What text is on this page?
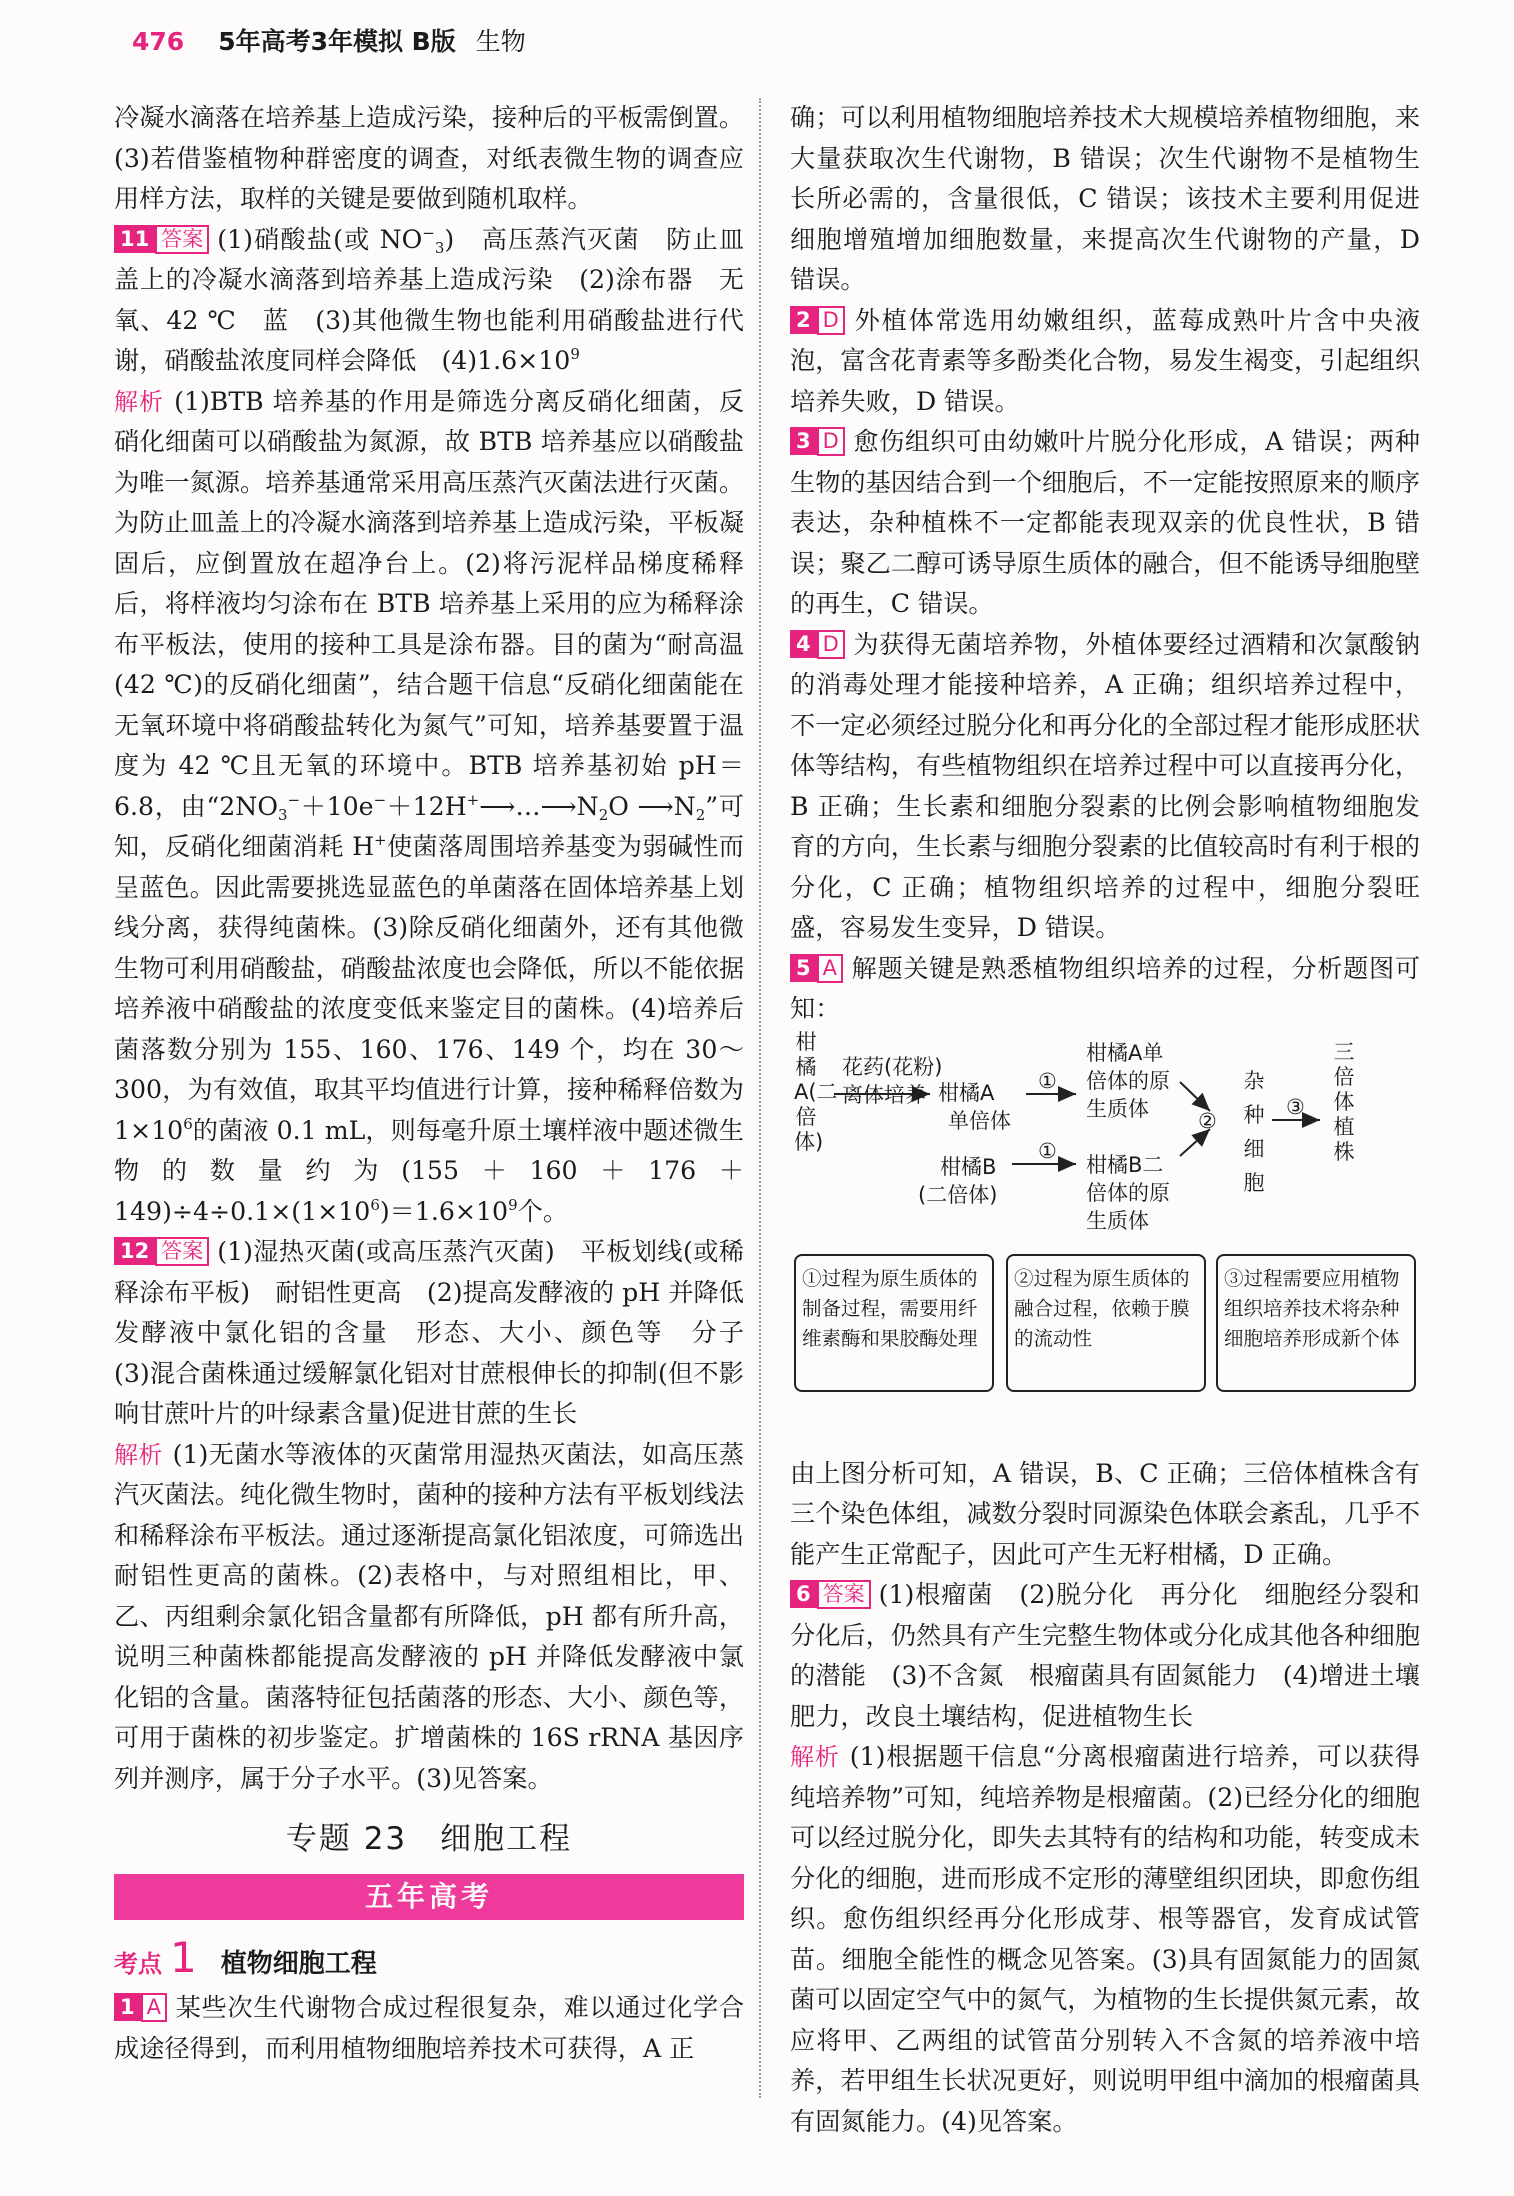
476 5年高考3年模拟 B版 生物

冷凝水滴落在培养基上造成污染，接种后的平板需倒置。(3)若借鉴植物种群密度的调查，对纸表微生物的调查应用样方法，取样的关键是要做到随机取样。

11 答案 (1)硝酸盐(或 $NO^-_3$)　高压蒸汽灭菌　防止皿盖上的冷凝水滴落到培养基上造成污染　(2)涂布器　无氧、42 ℃　蓝　(3)其他微生物也能利用硝酸盐进行代谢，硝酸盐浓度同样会降低　$(4)1.6\times 10^9$

解析 (1)BTB 培养基的作用是筛选分离反硝化细菌，反硝化细菌可以硝酸盐为氮源，故 BTB 培养基应以硝酸盐为唯一氮源。培养基通常采用高压蒸汽灭菌法进行灭菌。为防止皿盖上的冷凝水滴落到培养基上造成污染，平板凝固后，应倒置放在超净台上。(2)将污泥样品梯度稀释后，将样液均匀涂布在 BTB 培养基上采用的应为稀释涂布平板法，使用的接种工具是涂布器。目的菌为“耐高温(42 ℃)的反硝化细菌”，结合题干信息“反硝化细菌能在无氧环境中将硝酸盐转化为氮气”可知，培养基要置于温度为 42 ℃且无氧的环境中。BTB 培养基初始 pH＝6.8，由“$2NO_3^-+10e^-+12H^+⟶\dots⟶N_2O$ $⟶N_2$”可知，反硝化细菌消耗 H+使菌落周围培养基变为弱碱性而呈蓝色。因此需要挑选显蓝色的单菌落在固体培养基上划线分离，获得纯菌株。(3)除反硝化细菌外，还有其他微生物可利用硝酸盐，硝酸盐浓度也会降低，所以不能依据培养液中硝酸盐的浓度变低来鉴定目的菌株。(4)培养后菌落数分别为 155、160、176、149 个，均在 30～300，为有效值，取其平均值进行计算，接种稀释倍数为 $1\times 10^6$的菌液 0.1 mL，则每毫升原土壤样液中题述微生物的数量约为$(155+160+176+149)\div 4\div 0.1\times(1\times 10^6)=1.6\times 10^9$个。

12 答案 (1)湿热灭菌(或高压蒸汽灭菌)　平板划线(或稀释涂布平板)　耐铝性更高　(2)提高发酵液的 pH 并降低发酵液中氯化铝的含量　形态、大小、颜色等　分子　(3)混合菌株通过缓解氯化铝对甘蔗根伸长的抑制(但不影响甘蔗叶片的叶绿素含量)促进甘蔗的生长

解析 (1)无菌水等液体的灭菌常用湿热灭菌法，如高压蒸汽灭菌法。纯化微生物时，菌种的接种方法有平板划线法和稀释涂布平板法。通过逐渐提高氯化铝浓度，可筛选出耐铝性更高的菌株。(2)表格中，与对照组相比，甲、乙、丙组剩余氯化铝含量都有所降低，pH 都有所升高，说明三种菌株都能提高发酵液的 pH 并降低发酵液中氯化铝的含量。菌落特征包括菌落的形态、大小、颜色等，可用于菌株的初步鉴定。扩增菌株的 16S rRNA 基因序列并测序，属于分子水平。(3)见答案。

专题 23　细胞工程
五年高考
考点 1 植物细胞工程

1 A 某些次生代谢物合成过程很复杂，难以通过化学合成途径得到，而利用植物细胞培养技术可获得，A 正

确；可以利用植物细胞培养技术大规模培养植物细胞，来大量获取次生代谢物，B 错误；次生代谢物不是植物生长所必需的，含量很低，C 错误；该技术主要利用促进细胞增殖增加细胞数量，来提高次生代谢物的产量，D 错误。

2 D 外植体常选用幼嫩组织，蓝莓成熟叶片含中央液泡，富含花青素等多酚类化合物，易发生褐变，引起组织培养失败，D 错误。

3 D 愈伤组织可由幼嫩叶片脱分化形成，A 错误；两种生物的基因结合到一个细胞后，不一定能按照原来的顺序表达，杂种植株不一定都能表现双亲的优良性状，B 错误；聚乙二醇可诱导原生质体的融合，但不能诱导细胞壁的再生，C 错误。

4 D 为获得无菌培养物，外植体要经过酒精和次氯酸钠的消毒处理才能接种培养，A 正确；组织培养过程中，不一定必须经过脱分化和再分化的全部过程才能形成胚状体等结构，有些植物组织在培养过程中可以直接再分化，B 正确；生长素和细胞分裂素的比例会影响植物细胞发育的方向，生长素与细胞分裂素的比值较高时有利于根的分化，C 正确；植物组织培养的过程中，细胞分裂旺盛，容易发生变异，D 错误。

5 A 解题关键是熟悉植物组织培养的过程，分析题图可知：

柑橘A(二倍体)
花药(花粉)
离体培养 柑橘A
单倍体
①
柑橘A单
倍体的原
生质体
柑橘B
(二倍体)
①
柑橘B二
倍体的原
生质体
②
杂种细胞
③
三倍体植株
①过程为原生质体的制备过程，需要用纤维素酶和果胶酶处理
②过程为原生质体的融合过程，依赖于膜的流动性
③过程需要应用植物组织培养技术将杂种细胞培养形成新个体

由上图分析可知，A 错误，B、C 正确；三倍体植株含有三个染色体组，减数分裂时同源染色体联会紊乱，几乎不能产生正常配子，因此可产生无籽柑橘，D 正确。

6 答案 (1)根瘤菌　(2)脱分化　再分化　细胞经分裂和分化后，仍然具有产生完整生物体或分化成其他各种细胞的潜能　(3)不含氮　根瘤菌具有固氮能力　(4)增进土壤肥力，改良土壤结构，促进植物生长

解析 (1)根据题干信息“分离根瘤菌进行培养，可以获得纯培养物”可知，纯培养物是根瘤菌。(2)已经分化的细胞可以经过脱分化，即失去其特有的结构和功能，转变成未分化的细胞，进而形成不定形的薄壁组织团块，即愈伤组织。愈伤组织经再分化形成芽、根等器官，发育成试管苗。细胞全能性的概念见答案。(3)具有固氮能力的固氮菌可以固定空气中的氮气，为植物的生长提供氮元素，故应将甲、乙两组的试管苗分别转入不含氮的培养液中培养，若甲组生长状况更好，则说明甲组中滴加的根瘤菌具有固氮能力。(4)见答案。
